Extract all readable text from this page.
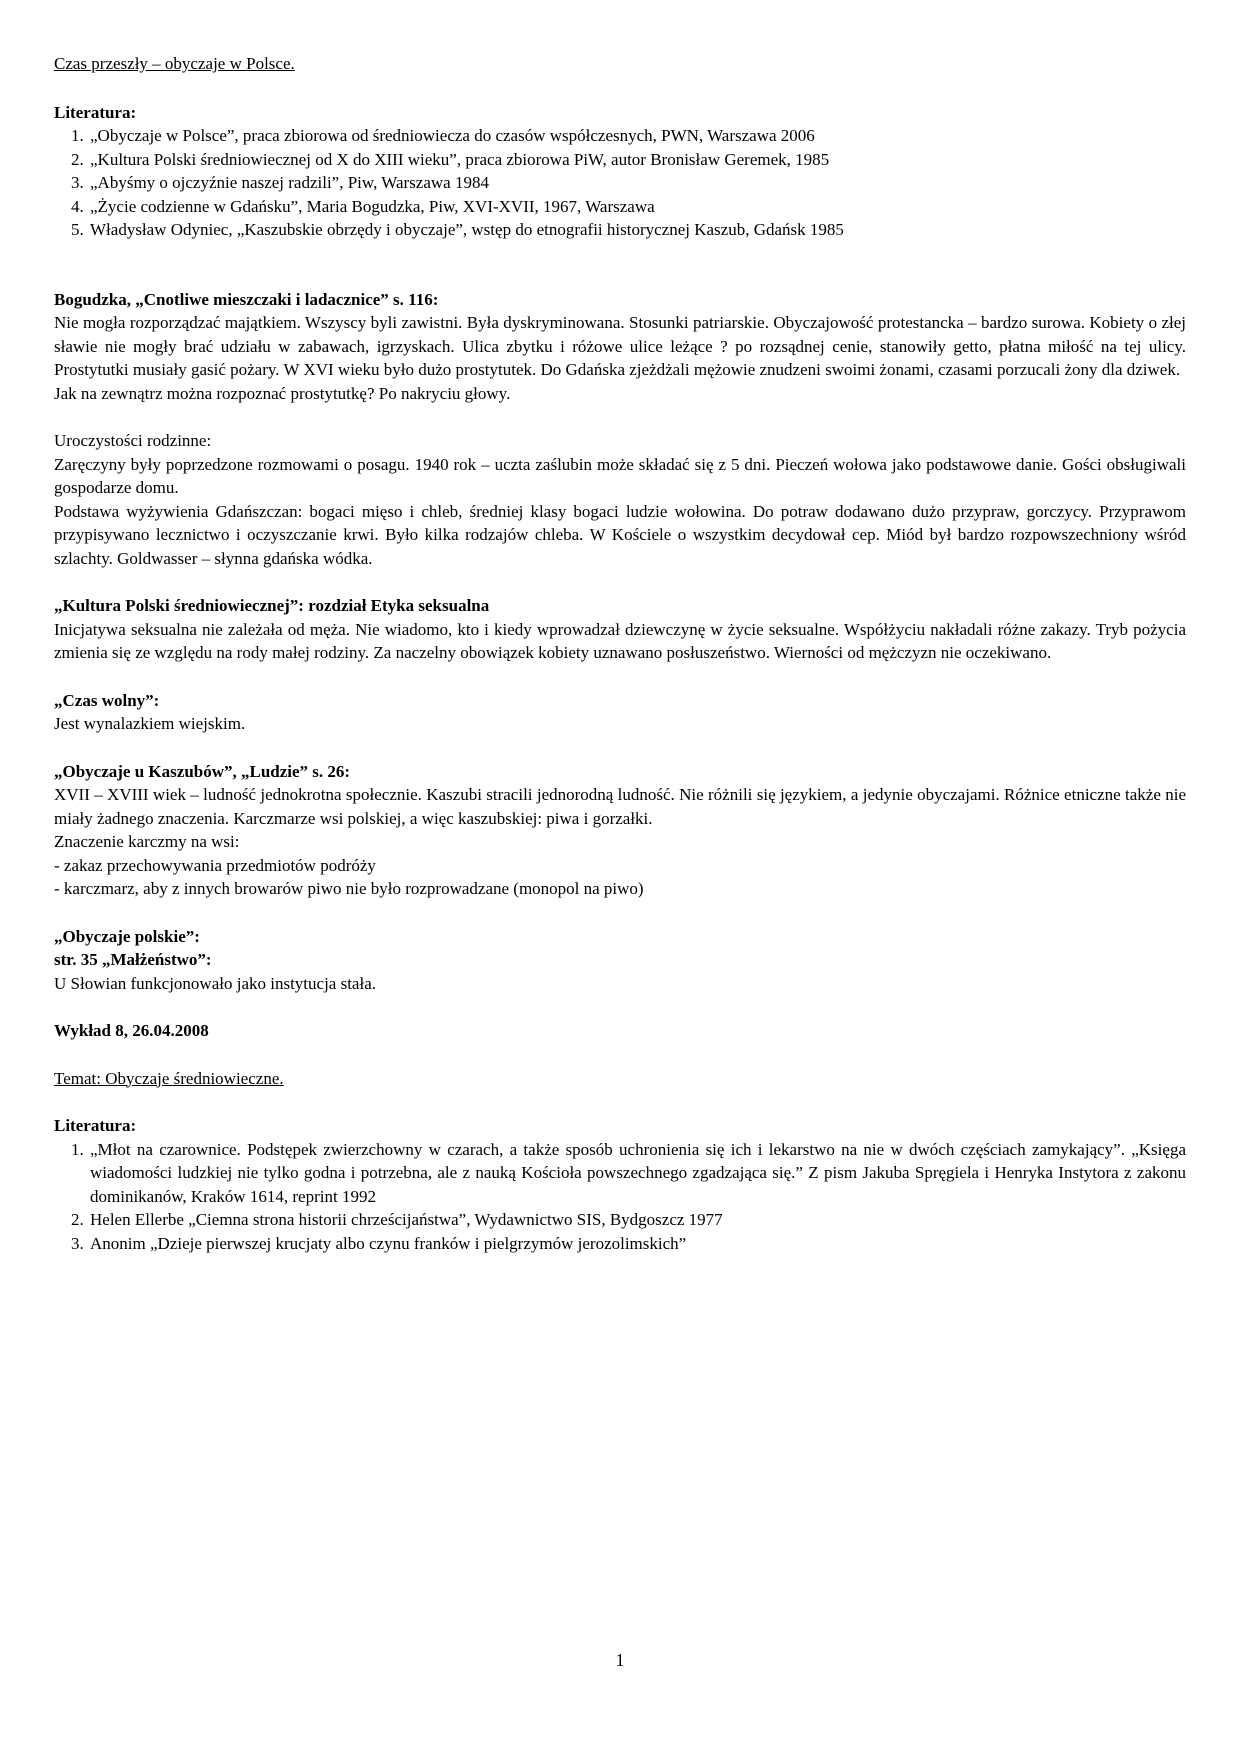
Czas przeszły – obyczaje w Polsce.

Literatura:

1. „Obyczaje w Polsce”, praca zbiorowa od średniowiecza do czasów współczesnych, PWN, Warszawa 2006
2. „Kultura Polski średniowiecznej od X do XIII wieku”, praca zbiorowa PiW, autor Bronisław Geremek, 1985
3. „Abyśmy o ojczyźnie naszej radzili”, Piw, Warszawa 1984
4. „Życie codzienne w Gdańsku”, Maria Bogudzka, Piw, XVI-XVII, 1967, Warszawa
5. Władysław Odyniec, „Kaszubskie obrzędy i obyczaje”, wstęp do etnografii historycznej Kaszub, Gdańsk 1985

Bogudzka, „Cnotliwe mieszczaki i ladacznice” s. 116:

Nie mogła rozporządzać majątkiem. Wszyscy byli zawistni. Była dyskryminowana. Stosunki patriarskie. Obyczajowość protestancka – bardzo surowa. Kobiety o złej sławie nie mogły brać udziału w zabawach, igrzyskach. Ulica zbytku i różowe ulice leżące ? po rozsądnej cenie, stanowiły getto, płatna miłość na tej ulicy. Prostytutki musiały gasić pożary. W XVI wieku było dużo prostytutek. Do Gdańska zjeżdżali mężowie znudzeni swoimi żonami, czasami porzucali żony dla dziwek.

Jak na zewnątrz można rozpoznać prostytutkę? Po nakryciu głowy.

Uroczystości rodzinne:

Zaręczyny były poprzedzone rozmowami o posagu. 1940 rok – uczta zaślubin może składać się z 5 dni. Pieczeń wołowa jako podstawowe danie. Gości obsługiwali gospodarze domu.

Podstawa wyżywienia Gdańszczan: bogaci mięso i chleb, średniej klasy bogaci ludzie wołowina. Do potraw dodawano dużo przypraw, gorczycy. Przyprawom przypisywano lecznictwo i oczyszczanie krwi. Było kilka rodzajów chleba. W Kościele o wszystkim decydował cep. Miód był bardzo rozpowszechniony wśród szlachty. Goldwasser – słynna gdańska wódka.

„Kultura Polski średniowiecznej”: rozdział Etyka seksualna

Inicjatywa seksualna nie zależała od męża. Nie wiadomo, kto i kiedy wprowadzał dziewczynę w życie seksualne. Współżyciu nakładali różne zakazy. Tryb pożycia zmienia się ze względu na rody małej rodziny. Za naczelny obowiązek kobiety uznawano posłuszeństwo. Wierności od mężczyzn nie oczekiwano.

„Czas wolny”:

Jest wynalazkiem wiejskim.

„Obyczaje u Kaszubów”, „Ludzie” s. 26:

XVII – XVIII wiek – ludność jednokrotna społecznie. Kaszubi stracili jednorodną ludność. Nie różnili się językiem, a jedynie obyczajami. Różnice etniczne także nie miały żadnego znaczenia. Karczmarze wsi polskiej, a więc kaszubskiej: piwa i gorzałki.

Znaczenie karczmy na wsi:

- zakaz przechowywania przedmiotów podróży

- karczmarz, aby z innych browarów piwo nie było rozprowadzane (monopol na piwo)

„Obyczaje polskie”:

str. 35 „Małżeństwo”:

U Słowian funkcjonowało jako instytucja stała.

Wykład 8, 26.04.2008

Temat: Obyczaje średniowieczne.

Literatura:

1. „Młot na czarownice. Podstępek zwierzchowny w czarach, a także sposób uchronienia się ich i lekarstwo na nie w dwóch częściach zamykający”. „Księga wiadomości ludzkiej nie tylko godna i potrzebna, ale z nauką Kościoła powszechnego zgadzająca się.” Z pism Jakuba Spręgiela i Henryka Instytora z zakonu dominikanów, Kraków 1614, reprint 1992
2. Helen Ellerbe „Ciemna strona historii chrześcijaństwa”, Wydawnictwo SIS, Bydgoszcz 1977
3. Anonim „Dzieje pierwszej krucjaty albo czynu franków i pielgrzymów jerozolimskich”
1
